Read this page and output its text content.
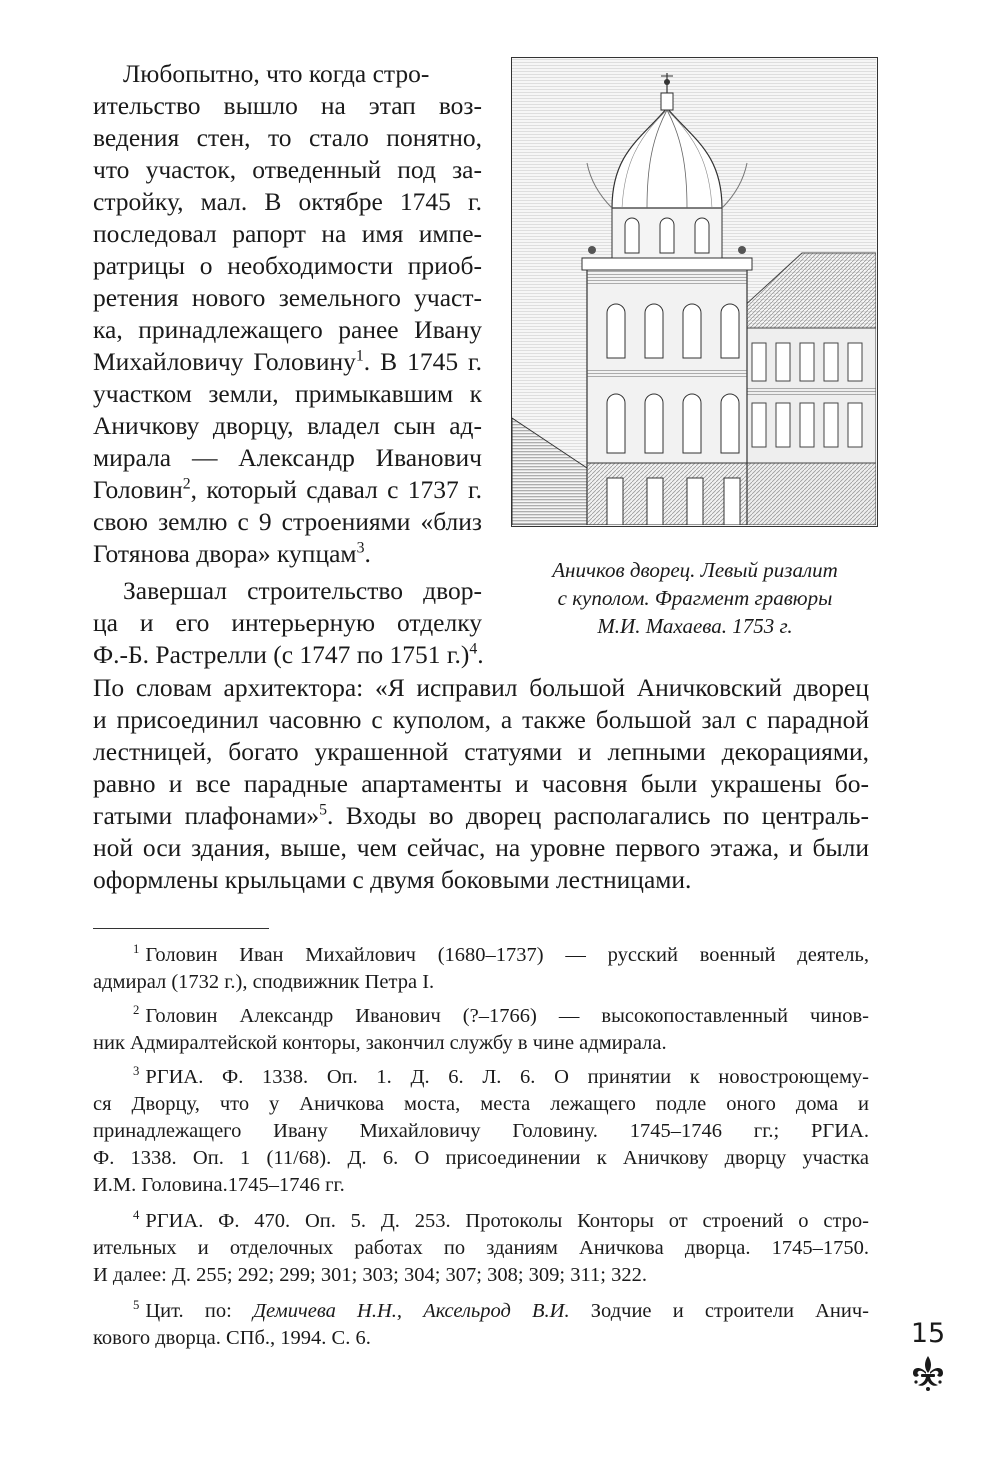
Любопытно, что когда стро-
ительство вышло на этап воз-
ведения стен, то стало понятно,
что участок, отведенный под за-
стройку, мал. В октябре 1745 г.
последовал рапорт на имя импе-
ратрицы о необходимости приоб-
ретения нового земельного участ-
ка, принадлежащего ранее Ивану
Михайловичу Головину$^1$. В 1745 г.
участком земли, примыкавшим к
Аничкову дворцу, владел сын ад-
мирала — Александр Иванович
Головин$^2$, который сдавал с 1737 г.
свою землю с 9 строениями «близ
Готянова двора» купцам$^3$.
Завершал строительство двор-
ца и его интерьерную отделку
Ф.-Б. Растрелли (с 1747 по 1751 г.)$^4$.
По словам архитектора: «Я исправил большой Аничковский дворец
и присоединил часовню с куполом, а также большой зал с парадной
лестницей, богато украшенной статуями и лепными декорациями,
равно и все парадные апартаменты и часовня были украшены бо-
гатыми плафонами»$^5$. Входы во дворец располагались по централь-
ной оси здания, выше, чем сейчас, на уровне первого этажа, и были
оформлены крыльцами с двумя боковыми лестницами.
Аничков дворец. Левый ризалит
с куполом. Фрагмент гравюры
М.И. Махаева. 1753 г.
$^1$ Головин Иван Михайлович (1680–1737) — русский военный деятель,
адмирал (1732 г.), сподвижник Петра I.
$^2$ Головин Александр Иванович (?–1766) — высокопоставленный чинов-
ник Адмиралтейской конторы, закончил службу в чине адмирала.
$^3$ РГИА. Ф. 1338. Оп. 1. Д. 6. Л. 6. О принятии к новостроющему-
ся Дворцу, что у Аничкова моста, места лежащего подле оного дома и
принадлежащего Ивану Михайловичу Головину. 1745–1746 гг.; РГИА.
Ф. 1338. Оп. 1 (11/68). Д. 6. О присоединении к Аничкову дворцу участка
И.М. Головина.1745–1746 гг.
$^4$ РГИА. Ф. 470. Оп. 5. Д. 253. Протоколы Конторы от строений о стро-
ительных и отделочных работах по зданиям Аничкова дворца. 1745–1750.
И далее: Д. 255; 292; 299; 301; 303; 304; 307; 308; 309; 311; 322.
$^5$ Цит. по: Демичева Н.Н., Аксельрод В.И. Зодчие и строители Анич-
кового дворца. СПб., 1994. С. 6.	15
